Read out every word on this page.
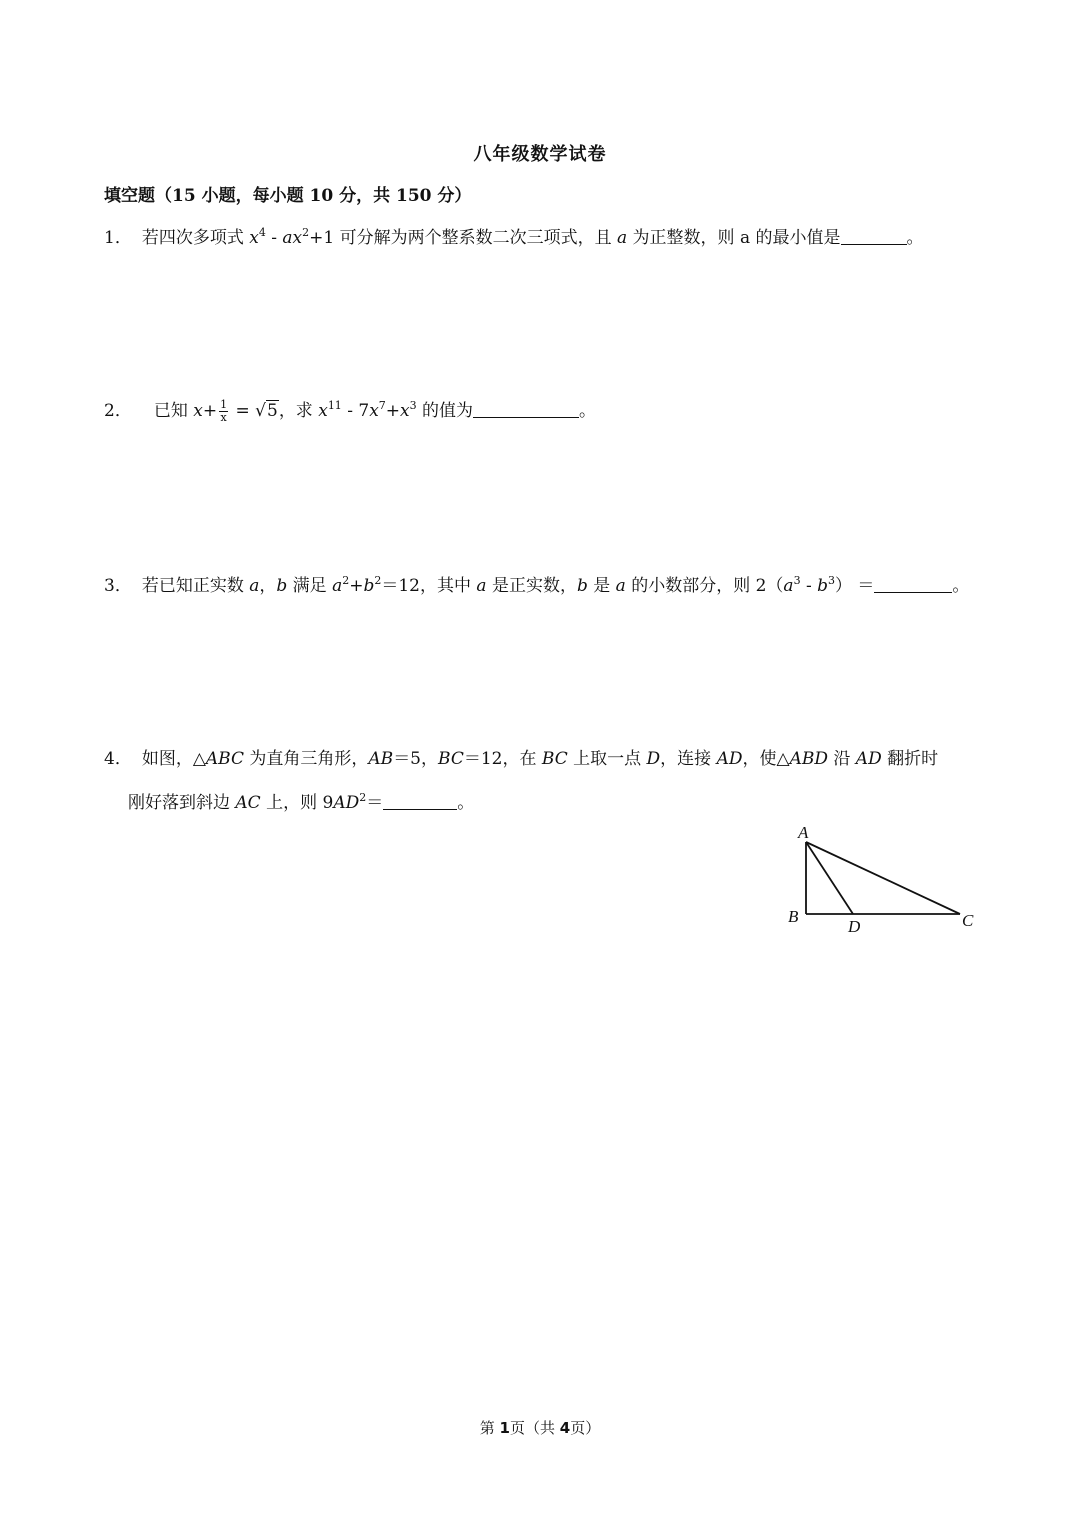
八年级数学试卷
填空题（15 小题，每小题 10 分，共 150 分）
1． 若四次多项式 $x^4 - ax^2+1$ 可分解为两个整系数二次三项式，且 a 为正整数，则 a 的最小值是	。
2． 已知 $x+ \frac{1}{x} = √5$，求 $x^{11} - 7x^7+x^3$ 的值为	。
3． 若已知正实数 a，b 满足 $a^2+b^2=12$，其中 a 是正实数，b 是 a 的小数部分，则 $2(a^3 - b^3)$ ＝	。
4． 如图，△ABC 为直角三角形，AB＝5，BC＝12，在 BC 上取一点 D，连接 AD，使△ABD 沿 AD 翻折时
刚好落到斜边 AC 上，则 $9AD^2=$	。
A
B	C
D
第 1页（共 4页）
